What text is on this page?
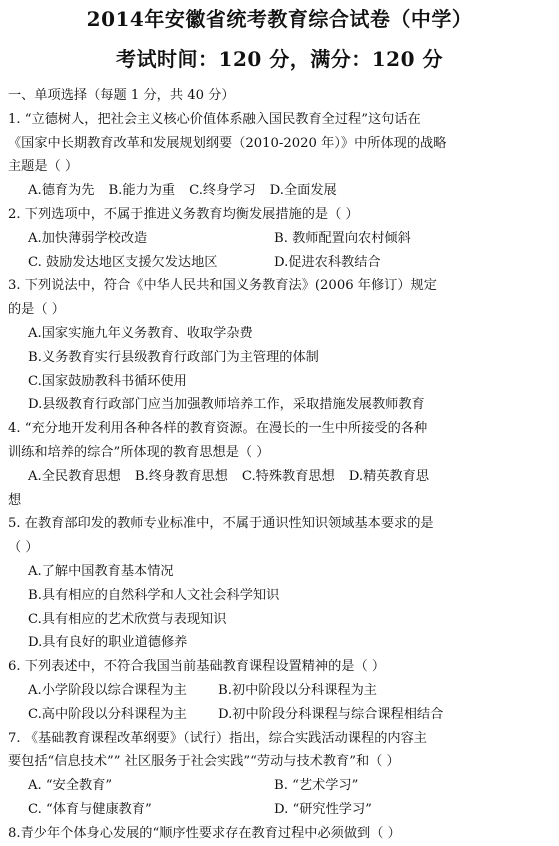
2014年安徽省统考教育综合试卷（中学）
考试时间：120 分，满分：120 分
一、单项选择（每题 1 分，共 40 分）
1. “立德树人，把社会主义核心价值体系融入国民教育全过程”这句话在
《国家中长期教育改革和发展规划纲要（2010-2020 年）》中所体现的战略
主题是（ ）
A.德育为先 B.能力为重 C.终身学习 D.全面发展
2. 下列选项中，不属于推进义务教育均衡发展措施的是（ ）
A.加快薄弱学校改造	B. 教师配置向农村倾斜
C. 鼓励发达地区支援欠发达地区	D.促进农科教结合
3. 下列说法中，符合《中华人民共和国义务教育法》(2006 年修订）规定
的是（ ）
A.国家实施九年义务教育、收取学杂费
B.义务教育实行县级教育行政部门为主管理的体制
C.国家鼓励教科书循环使用
D.县级教育行政部门应当加强教师培养工作，采取措施发展教师教育
4. “充分地开发利用各种各样的教育资源。在漫长的一生中所接受的各种
训练和培养的综合”所体现的教育思想是（ ）
A.全民教育思想 B.终身教育思想 C.特殊教育思想 D.精英教育思
想
5. 在教育部印发的教师专业标准中，不属于通识性知识领域基本要求的是
（ ）
A.了解中国教育基本情况
B.具有相应的自然科学和人文社会科学知识
C.具有相应的艺术欣赏与表现知识
D.具有良好的职业道德修养
6. 下列表述中，不符合我国当前基础教育课程设置精神的是（ ）
A.小学阶段以综合课程为主	B.初中阶段以分科课程为主
C.高中阶段以分科课程为主	D.初中阶段分科课程与综合课程相结合
7. 《基础教育课程改革纲要》（试行）指出，综合实践活动课程的内容主
要包括“信息技术”” 社区服务于社会实践”“劳动与技术教育”和（ ）
A. “安全教育”	B. “艺术学习”
C. “体育与健康教育”	D. “研究性学习”
8.青少年个体身心发展的“顺序性要求存在教育过程中必须做到（ ）
